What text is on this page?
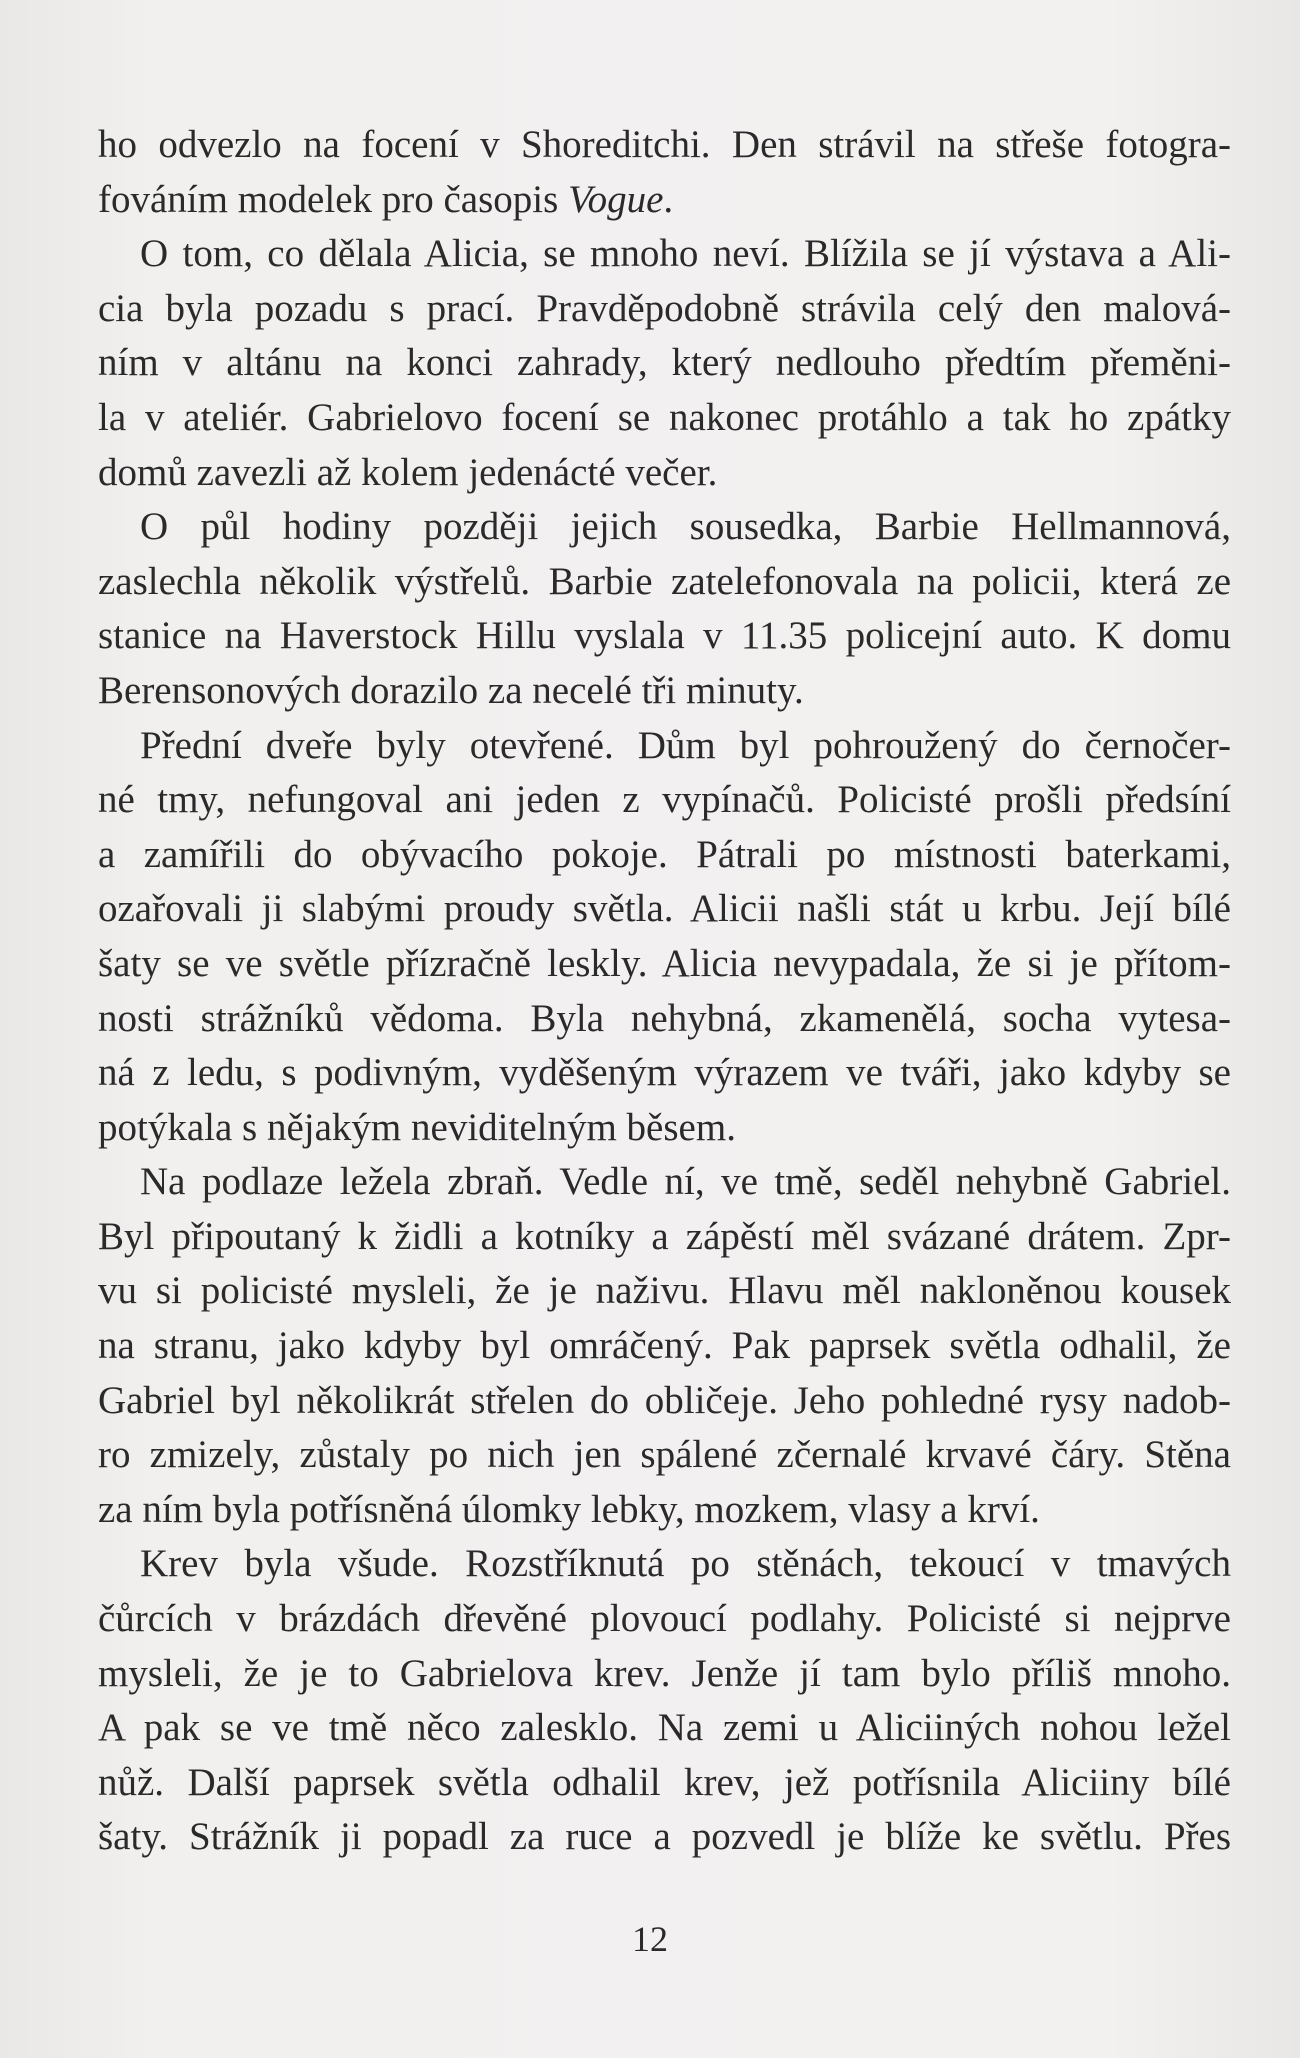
ho odvezlo na focení v Shoreditchi. Den strávil na střeše fotogra-
fováním modelek pro časopis Vogue.
O tom, co dělala Alicia, se mnoho neví. Blížila se jí výstava a Ali-
cia byla pozadu s prací. Pravděpodobně strávila celý den malová-
ním v altánu na konci zahrady, který nedlouho předtím přeměni-
la v ateliér. Gabrielovo focení se nakonec protáhlo a tak ho zpátky
domů zavezli až kolem jedenácté večer.
O půl hodiny později jejich sousedka, Barbie Hellmannová,
zaslechla několik výstřelů. Barbie zatelefonovala na policii, která ze
stanice na Haverstock Hillu vyslala v 11.35 policejní auto. K domu
Berensonových dorazilo za necelé tři minuty.
Přední dveře byly otevřené. Dům byl pohroužený do černočer-
né tmy, nefungoval ani jeden z vypínačů. Policisté prošli předsíní
a zamířili do obývacího pokoje. Pátrali po místnosti baterkami,
ozařovali ji slabými proudy světla. Alicii našli stát u krbu. Její bílé
šaty se ve světle přízračně leskly. Alicia nevypadala, že si je přítom-
nosti strážníků vědoma. Byla nehybná, zkamenělá, socha vytesa-
ná z ledu, s podivným, vyděšeným výrazem ve tváři, jako kdyby se
potýkala s nějakým neviditelným běsem.
Na podlaze ležela zbraň. Vedle ní, ve tmě, seděl nehybně Gabriel.
Byl připoutaný k židli a kotníky a zápěstí měl svázané drátem. Zpr-
vu si policisté mysleli, že je naživu. Hlavu měl nakloněnou kousek
na stranu, jako kdyby byl omráčený. Pak paprsek světla odhalil, že
Gabriel byl několikrát střelen do obličeje. Jeho pohledné rysy nadob-
ro zmizely, zůstaly po nich jen spálené zčernalé krvavé čáry. Stěna
za ním byla potřísněná úlomky lebky, mozkem, vlasy a krví.
Krev byla všude. Rozstříknutá po stěnách, tekoucí v tmavých
čůrcích v brázdách dřevěné plovoucí podlahy. Policisté si nejprve
mysleli, že je to Gabrielova krev. Jenže jí tam bylo příliš mnoho.
A pak se ve tmě něco zalesklo. Na zemi u Aliciiných nohou ležel
nůž. Další paprsek světla odhalil krev, jež potřísnila Aliciiny bílé
šaty. Strážník ji popadl za ruce a pozvedl je blíže ke světlu. Přes
12
